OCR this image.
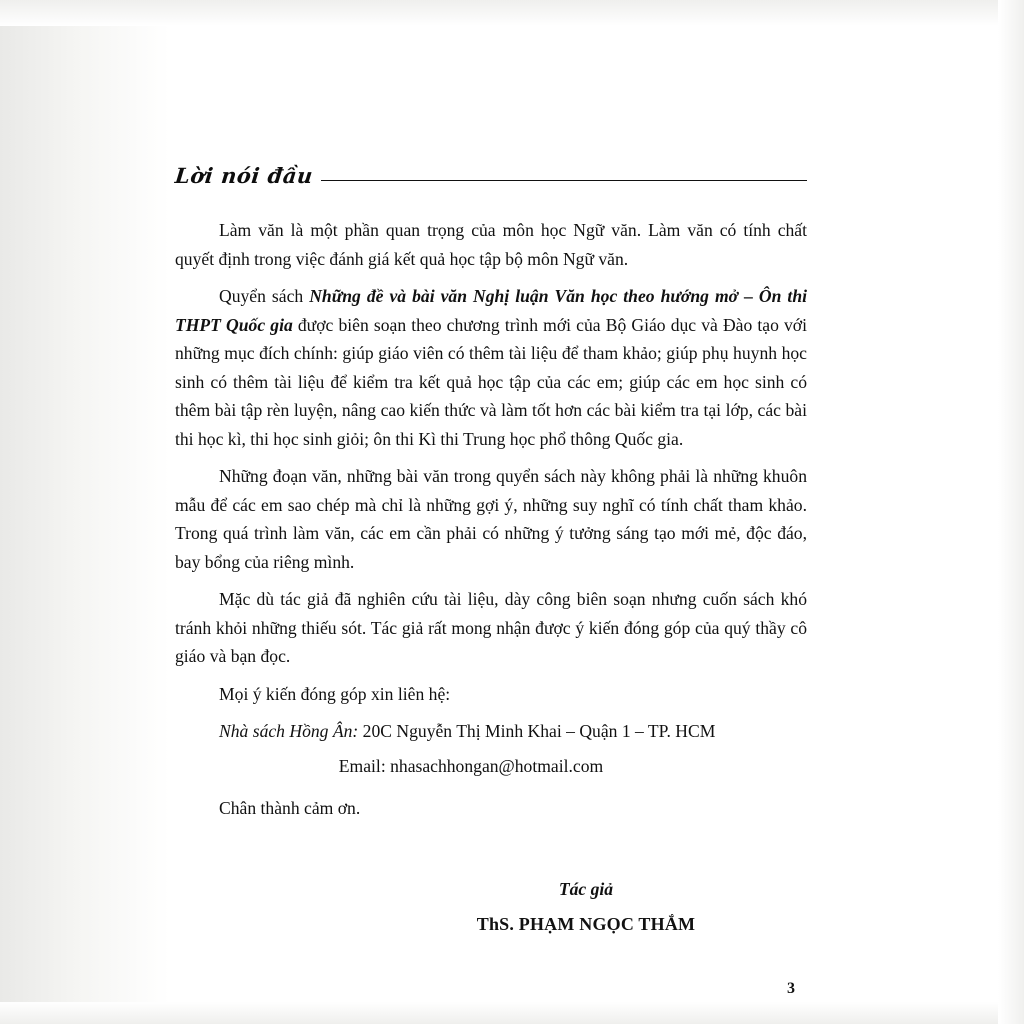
Lời nói đầu

Làm văn là một phần quan trọng của môn học Ngữ văn. Làm văn có tính chất quyết định trong việc đánh giá kết quả học tập bộ môn Ngữ văn.

Quyển sách Những đề và bài văn Nghị luận Văn học theo hướng mở – Ôn thi THPT Quốc gia được biên soạn theo chương trình mới của Bộ Giáo dục và Đào tạo với những mục đích chính: giúp giáo viên có thêm tài liệu để tham khảo; giúp phụ huynh học sinh có thêm tài liệu để kiểm tra kết quả học tập của các em; giúp các em học sinh có thêm bài tập rèn luyện, nâng cao kiến thức và làm tốt hơn các bài kiểm tra tại lớp, các bài thi học kì, thi học sinh giỏi; ôn thi Kì thi Trung học phổ thông Quốc gia.

Những đoạn văn, những bài văn trong quyển sách này không phải là những khuôn mẫu để các em sao chép mà chỉ là những gợi ý, những suy nghĩ có tính chất tham khảo. Trong quá trình làm văn, các em cần phải có những ý tưởng sáng tạo mới mẻ, độc đáo, bay bổng của riêng mình.

Mặc dù tác giả đã nghiên cứu tài liệu, dày công biên soạn nhưng cuốn sách khó tránh khỏi những thiếu sót. Tác giả rất mong nhận được ý kiến đóng góp của quý thầy cô giáo và bạn đọc.

Mọi ý kiến đóng góp xin liên hệ:

Nhà sách Hồng Ân: 20C Nguyễn Thị Minh Khai – Quận 1 – TP. HCM

Email: nhasachhongan@hotmail.com

Chân thành cảm ơn.

Tác giả
ThS. PHẠM NGỌC THẮM
3
